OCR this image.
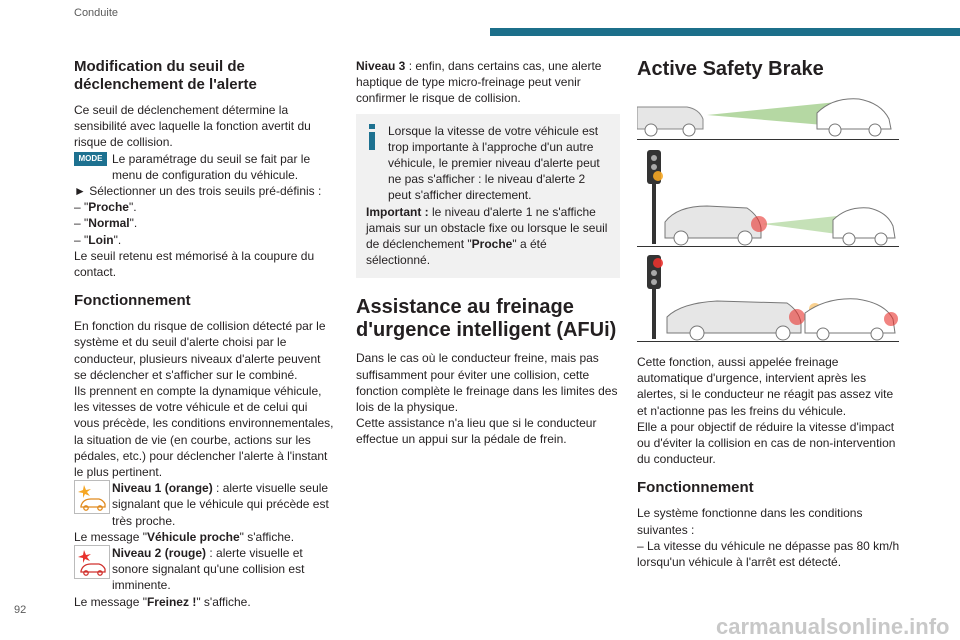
Conduite
Modification du seuil de déclenchement de l'alerte

Ce seuil de déclenchement détermine la sensibilité avec laquelle la fonction avertit du risque de collision.

MODE Le paramétrage du seuil se fait par le menu de configuration du véhicule.

► Sélectionner un des trois seuils pré-définis :

– "Proche".

– "Normal".

– "Loin".

Le seuil retenu est mémorisé à la coupure du contact.

Fonctionnement

En fonction du risque de collision détecté par le système et du seuil d'alerte choisi par le conducteur, plusieurs niveaux d'alerte peuvent se déclencher et s'afficher sur le combiné.

Ils prennent en compte la dynamique véhicule, les vitesses de votre véhicule et de celui qui vous précède, les conditions environnementales, la situation de vie (en courbe, actions sur les pédales, etc.) pour déclencher l'alerte à l'instant le plus pertinent.

Niveau 1 (orange) : alerte visuelle seule signalant que le véhicule qui précède est très proche.

Le message "Véhicule proche" s'affiche.

Niveau 2 (rouge) : alerte visuelle et sonore signalant qu'une collision est imminente.

Le message "Freinez !" s'affiche.

Niveau 3 : enfin, dans certains cas, une alerte haptique de type micro-freinage peut venir confirmer le risque de collision.

Lorsque la vitesse de votre véhicule est trop importante à l'approche d'un autre véhicule, le premier niveau d'alerte peut ne pas s'afficher : le niveau d'alerte 2 peut s'afficher directement.

Important : le niveau d'alerte 1 ne s'affiche jamais sur un obstacle fixe ou lorsque le seuil de déclenchement "Proche" a été sélectionné.

Assistance au freinage d'urgence intelligent (AFUi)

Dans le cas où le conducteur freine, mais pas suffisamment pour éviter une collision, cette fonction complète le freinage dans les limites des lois de la physique.

Cette assistance n'a lieu que si le conducteur effectue un appui sur la pédale de frein.

Active Safety Brake

Cette fonction, aussi appelée freinage automatique d'urgence, intervient après les alertes, si le conducteur ne réagit pas assez vite et n'actionne pas les freins du véhicule.

Elle a pour objectif de réduire la vitesse d'impact ou d'éviter la collision en cas de non-intervention du conducteur.

Fonctionnement

Le système fonctionne dans les conditions suivantes :

– La vitesse du véhicule ne dépasse pas 80 km/h lorsqu'un véhicule à l'arrêt est détecté.

92
carmanualsonline.info
